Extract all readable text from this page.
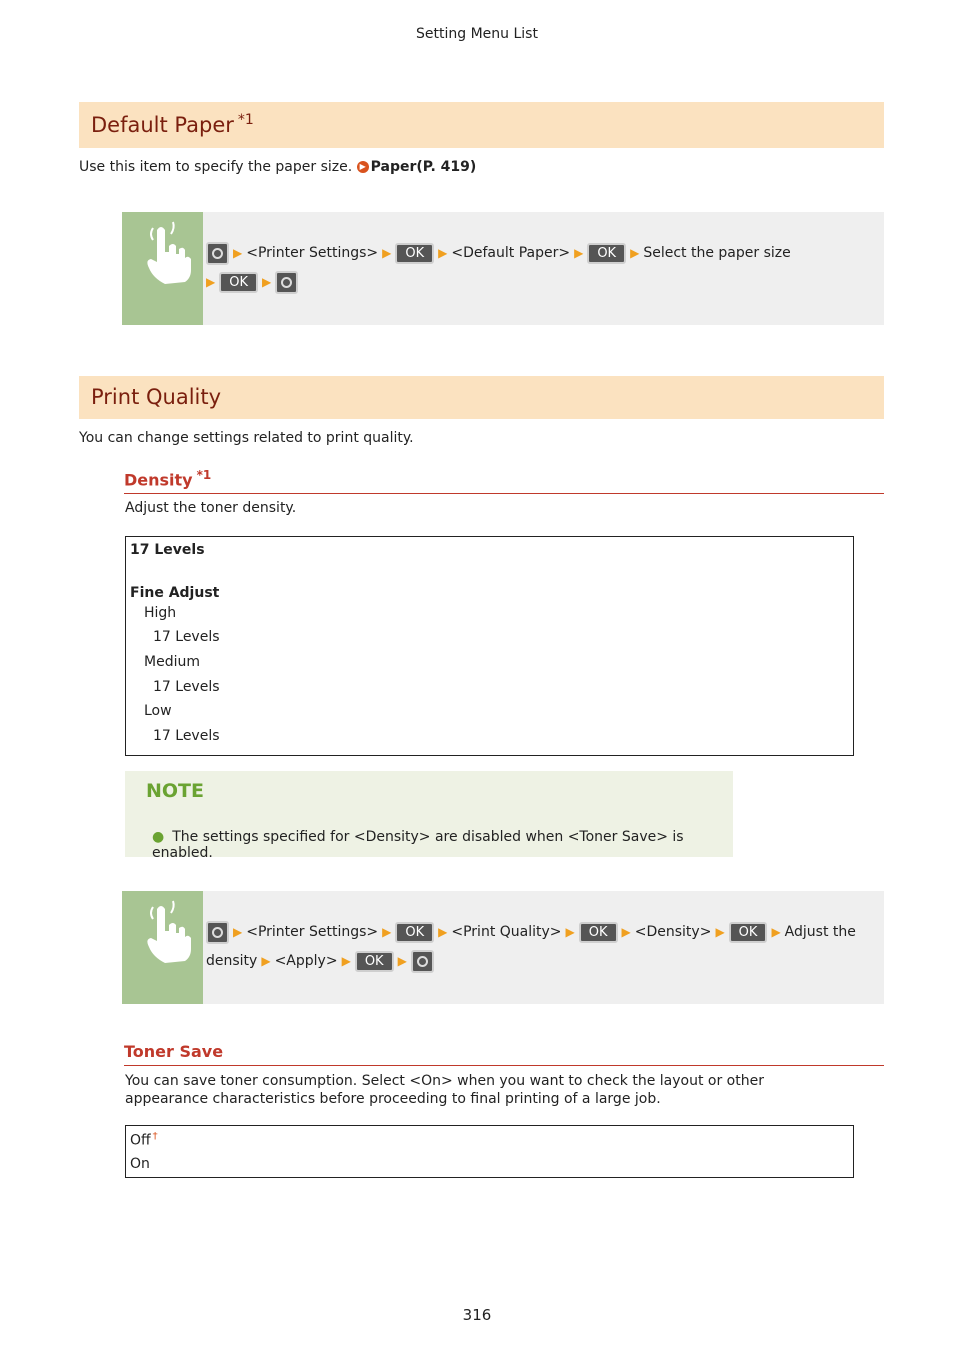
Setting Menu List
Default Paper $^{*1}$
Use this item to specify the paper size. ▶ Paper(P. 419)
▶ <Printer Settings> ▶ OK ▶ <Default Paper> ▶ OK ▶ Select the paper size
▶ OK ▶
Print Quality
You can change settings related to print quality.
Density $^{*1}$
Adjust the toner density.
17 Levels
Fine Adjust
High
17 Levels
Medium
17 Levels
Low
17 Levels
NOTE
● The settings specified for <Density> are disabled when <Toner Save> is enabled.
▶ <Printer Settings> ▶ OK ▶ <Print Quality> ▶ OK ▶ <Density> ▶ OK ▶ Adjust the
density ▶ <Apply> ▶ OK ▶
Toner Save
You can save toner consumption. Select <On> when you want to check the layout or other appearance characteristics before proceeding to final printing of a large job.
Off †
On
316
